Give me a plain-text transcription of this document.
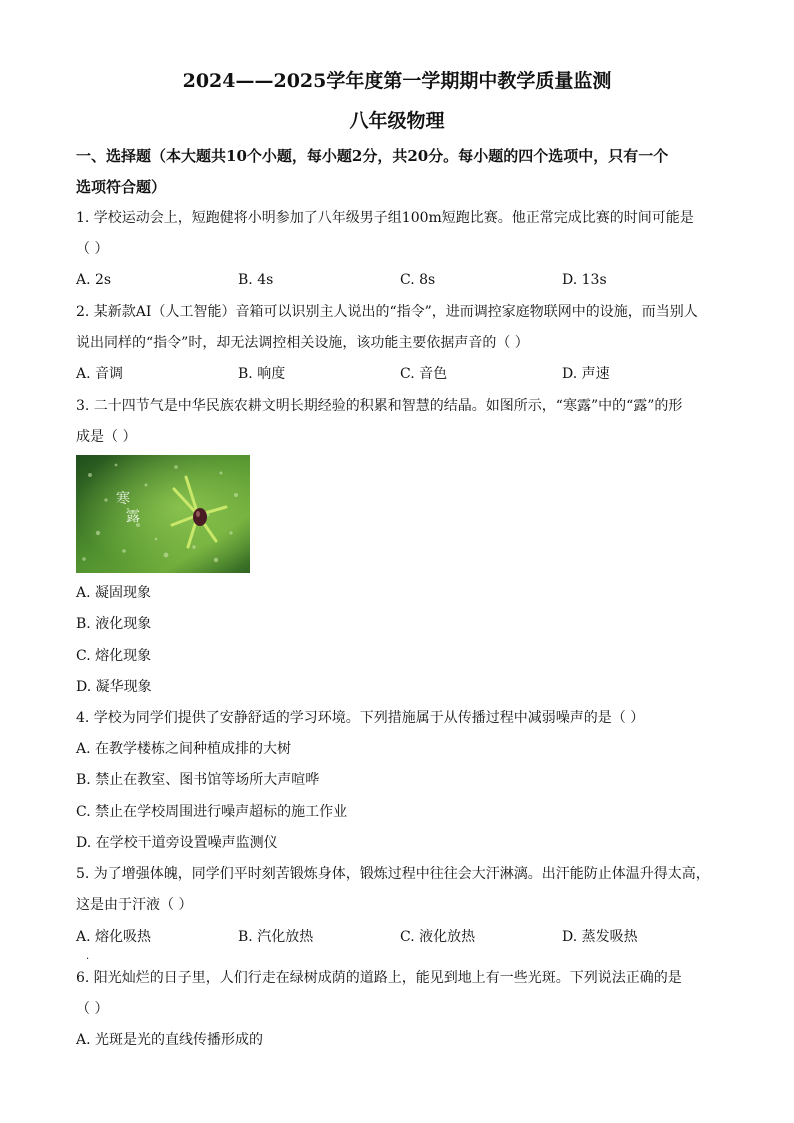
2024——2025学年度第一学期期中教学质量监测
八年级物理
一、选择题（本大题共10个小题，每小题2分，共20分。每小题的四个选项中，只有一个
选项符合题）
1. 学校运动会上，短跑健将小明参加了八年级男子组100m短跑比赛。他正常完成比赛的时间可能是
（ ）
A. 2s	B. 4s	C. 8s	D. 13s
2. 某新款AI（人工智能）音箱可以识别主人说出的“指令”，进而调控家庭物联网中的设施，而当别人
说出同样的“指令”时，却无法调控相关设施，该功能主要依据声音的（ ）
A. 音调	B. 响度	C. 音色	D. 声速
3. 二十四节气是中华民族农耕文明长期经验的积累和智慧的结晶。如图所示，“寒露”中的“露”的形
成是（ ）
寒
露
A. 凝固现象
B. 液化现象
C. 熔化现象
D. 凝华现象
4. 学校为同学们提供了安静舒适的学习环境。下列措施属于从传播过程中减弱噪声的是（ ）
A. 在教学楼栋之间种植成排的大树
B. 禁止在教室、图书馆等场所大声喧哗
C. 禁止在学校周围进行噪声超标的施工作业
D. 在学校干道旁设置噪声监测仪
5. 为了增强体魄，同学们平时刻苦锻炼身体，锻炼过程中往往会大汗淋漓。出汗能防止体温升得太高，
这是由于汗液（ ）
A. 熔化吸热	B. 汽化放热	C. 液化放热	D. 蒸发吸热
·
6. 阳光灿烂的日子里，人们行走在绿树成荫的道路上，能见到地上有一些光斑。下列说法正确的是
（ ）
A. 光斑是光的直线传播形成的
